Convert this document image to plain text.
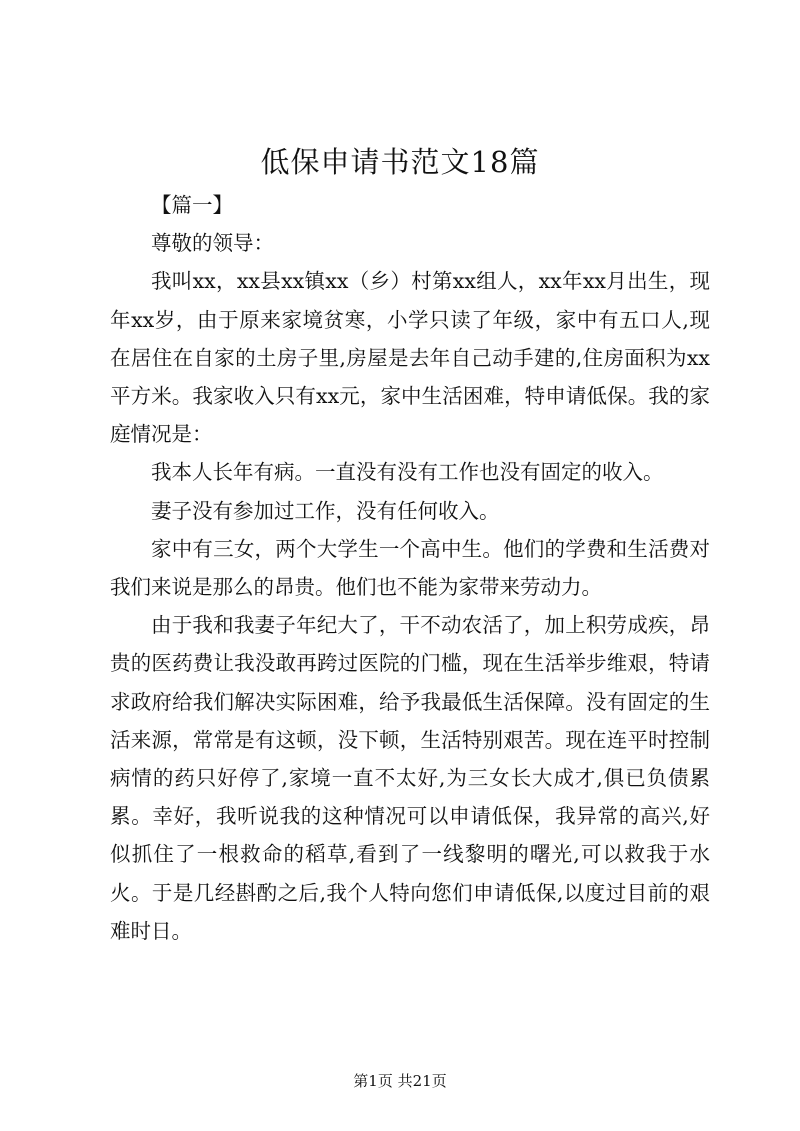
低保申请书范文18篇

【篇一】

尊敬的领导：

我叫xx，xx县xx镇xx（乡）村第xx组人，xx年xx月出生，现年xx岁，由于原来家境贫寒，小学只读了年级，家中有五口人,现在居住在自家的土房子里,房屋是去年自己动手建的,住房面积为xx平方米。我家收入只有xx元，家中生活困难，特申请低保。我的家庭情况是：

我本人长年有病。一直没有没有工作也没有固定的收入。

妻子没有参加过工作，没有任何收入。

家中有三女，两个大学生一个高中生。他们的学费和生活费对我们来说是那么的昂贵。他们也不能为家带来劳动力。

由于我和我妻子年纪大了，干不动农活了，加上积劳成疾，昂贵的医药费让我没敢再跨过医院的门槛，现在生活举步维艰，特请求政府给我们解决实际困难，给予我最低生活保障。没有固定的生活来源，常常是有这顿，没下顿，生活特别艰苦。现在连平时控制病情的药只好停了,家境一直不太好,为三女长大成才,俱已负债累累。幸好，我听说我的这种情况可以申请低保，我异常的高兴,好似抓住了一根救命的稻草,看到了一线黎明的曙光,可以救我于水火。于是几经斟酌之后,我个人特向您们申请低保,以度过目前的艰难时日。

第1页 共21页
